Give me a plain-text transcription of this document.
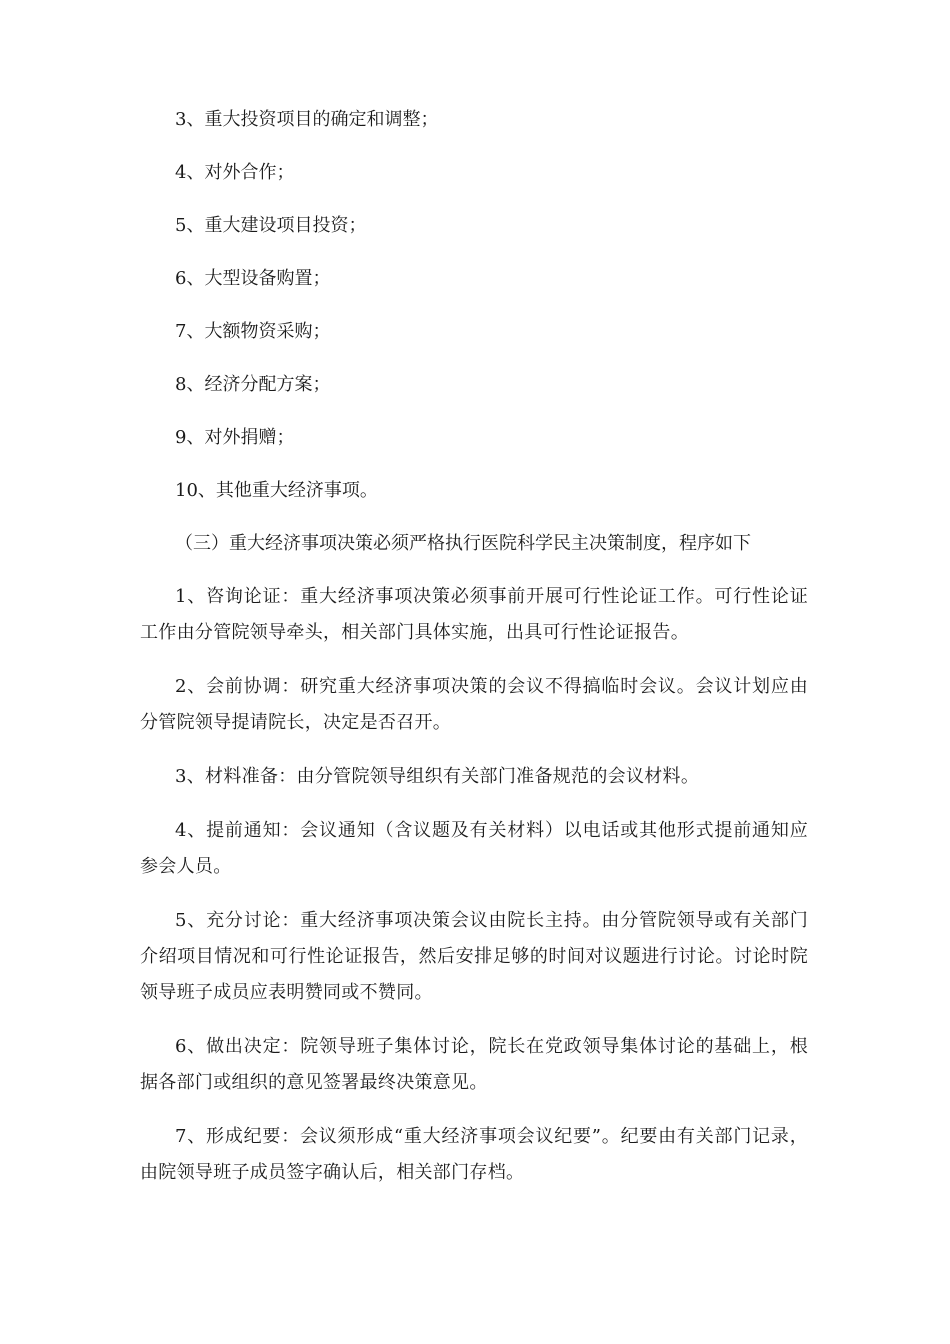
3、重大投资项目的确定和调整；

4、对外合作；

5、重大建设项目投资；

6、大型设备购置；

7、大额物资采购；

8、经济分配方案；

9、对外捐赠；

10、其他重大经济事项。

（三）重大经济事项决策必须严格执行医院科学民主决策制度，程序如下

1、咨询论证：重大经济事项决策必须事前开展可行性论证工作。可行性论证工作由分管院领导牵头，相关部门具体实施，出具可行性论证报告。

2、会前协调：研究重大经济事项决策的会议不得搞临时会议。会议计划应由分管院领导提请院长，决定是否召开。

3、材料准备：由分管院领导组织有关部门准备规范的会议材料。

4、提前通知：会议通知（含议题及有关材料）以电话或其他形式提前通知应参会人员。

5、充分讨论：重大经济事项决策会议由院长主持。由分管院领导或有关部门介绍项目情况和可行性论证报告，然后安排足够的时间对议题进行讨论。讨论时院领导班子成员应表明赞同或不赞同。

6、做出决定：院领导班子集体讨论，院长在党政领导集体讨论的基础上，根据各部门或组织的意见签署最终决策意见。

7、形成纪要：会议须形成“重大经济事项会议纪要”。纪要由有关部门记录，由院领导班子成员签字确认后，相关部门存档。
